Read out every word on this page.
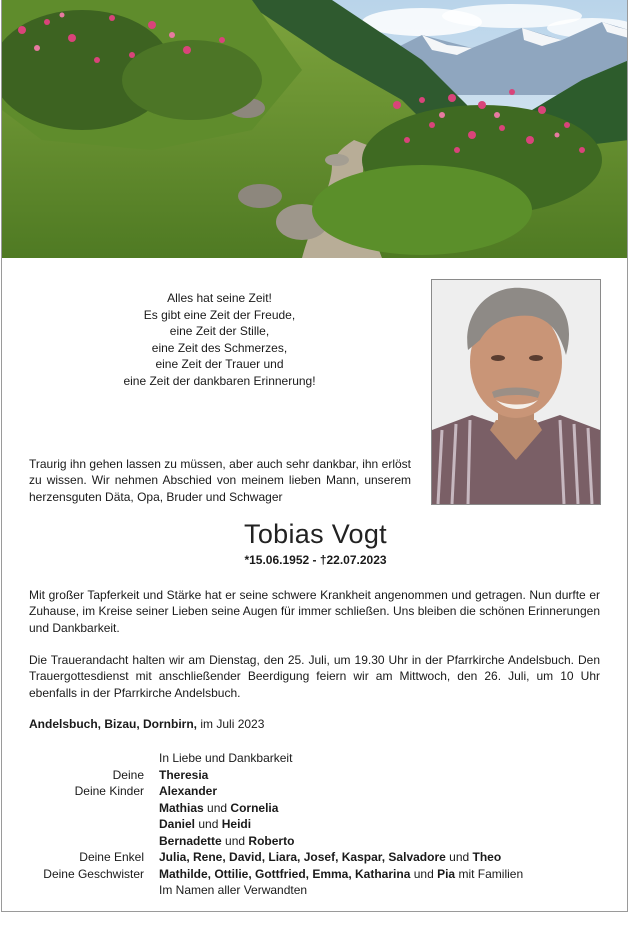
Alles hat seine Zeit!
Es gibt eine Zeit der Freude,
eine Zeit der Stille,
eine Zeit des Schmerzes,
eine Zeit der Trauer und
eine Zeit der dankbaren Erinnerung!
Traurig ihn gehen lassen zu müssen, aber auch sehr dankbar, ihn erlöst zu wissen. Wir nehmen Abschied von meinem lieben Mann, unserem herzensguten Däta, Opa, Bruder und Schwager
Tobias Vogt
*15.06.1952 - †22.07.2023
Mit großer Tapferkeit und Stärke hat er seine schwere Krankheit angenommen und getragen. Nun durfte er Zuhause, im Kreise seiner Lieben seine Augen für immer schließen. Uns bleiben die schönen Erinnerungen und Dankbarkeit.
Die Trauerandacht halten wir am Dienstag, den 25. Juli, um 19.30 Uhr in der Pfarrkirche Andelsbuch. Den Trauergottesdienst mit anschließender Beerdigung feiern wir am Mittwoch, den 26. Juli, um 10 Uhr ebenfalls in der Pfarrkirche Andelsbuch.
Andelsbuch, Bizau, Dornbirn, im Juli 2023
In Liebe und Dankbarkeit
Deine	Theresia
Deine Kinder	Alexander
Mathias und Cornelia
Daniel und Heidi
Bernadette und Roberto
Deine Enkel	Julia, Rene, David, Liara, Josef, Kaspar, Salvadore und Theo
Deine Geschwister	Mathilde, Ottilie, Gottfried, Emma, Katharina und Pia mit Familien
Im Namen aller Verwandten
